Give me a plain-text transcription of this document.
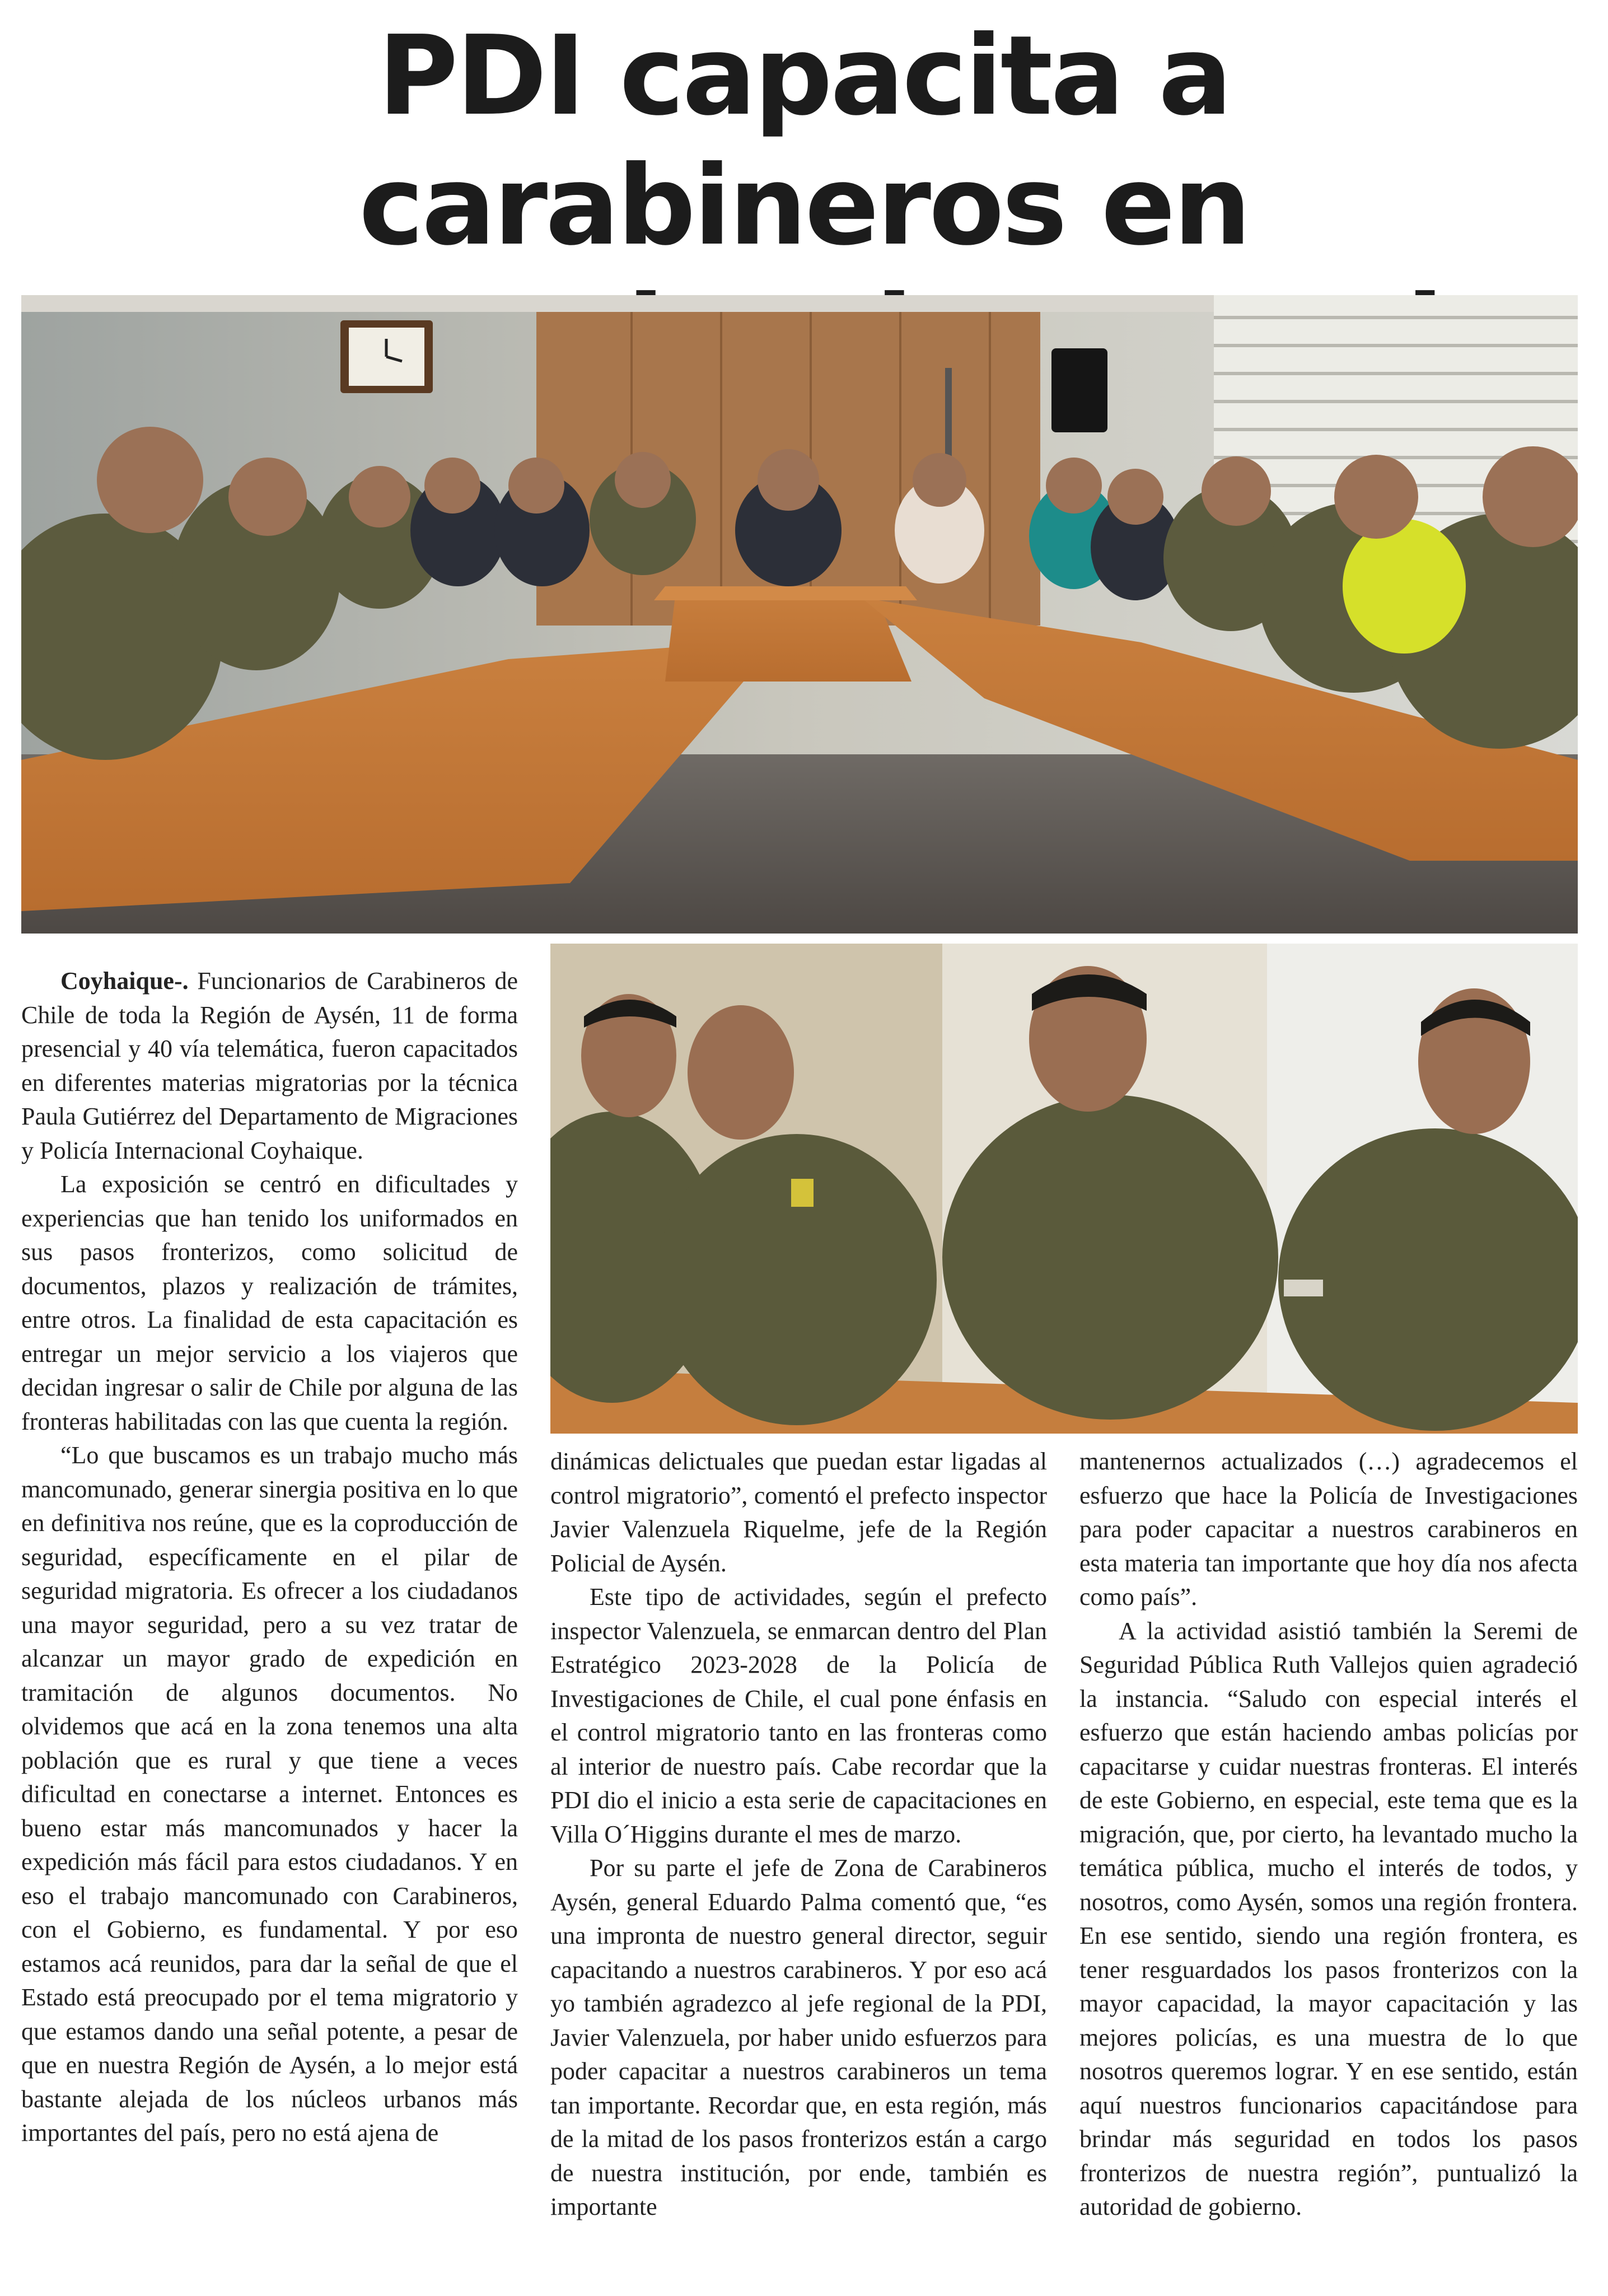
PDI capacita a carabineros en

Coyhaique-. Funcionarios de Carabineros de Chile de toda la Región de Aysén, 11 de forma presencial y 40 vía telemática, fueron capacitados en diferentes materias migratorias por la técnica Paula Gutiérrez del Departamento de Migraciones y Policía Internacional Coyhaique.

La exposición se centró en dificultades y experiencias que han tenido los uniformados en sus pasos fronterizos, como solicitud de documentos, plazos y realización de trámites, entre otros. La finalidad de esta capacitación es entregar un mejor servicio a los viajeros que decidan ingresar o salir de Chile por alguna de las fronteras habilitadas con las que cuenta la región.

“Lo que buscamos es un trabajo mucho más mancomunado, generar sinergia positiva en lo que en definitiva nos reúne, que es la coproducción de seguridad, específicamente en el pilar de seguridad migratoria. Es ofrecer a los ciudadanos una mayor seguridad, pero a su vez tratar de alcanzar un mayor grado de expedición en tramitación de algunos documentos. No olvidemos que acá en la zona tenemos una alta población que es rural y que tiene a veces dificultad en conectarse a internet. Entonces es bueno estar más mancomunados y hacer la expedición más fácil para estos ciudadanos. Y en eso el trabajo mancomunado con Carabineros, con el Gobierno, es fundamental. Y por eso estamos acá reunidos, para dar la señal de que el Estado está preocupado por el tema migratorio y que estamos dando una señal potente, a pesar de que en nuestra Región de Aysén, a lo mejor está bastante alejada de los núcleos urbanos más importantes del país, pero no está ajena de

dinámicas delictuales que puedan estar ligadas al control migratorio”, comentó el prefecto inspector Javier Valenzuela Riquelme, jefe de la Región Policial de Aysén.

Este tipo de actividades, según el prefecto inspector Valenzuela, se enmarcan dentro del Plan Estratégico 2023-2028 de la Policía de Investigaciones de Chile, el cual pone énfasis en el control migratorio tanto en las fronteras como al interior de nuestro país. Cabe recordar que la PDI dio el inicio a esta serie de capacitaciones en Villa O´Higgins durante el mes de marzo.

Por su parte el jefe de Zona de Carabineros Aysén, general Eduardo Palma comentó que, “es una impronta de nuestro general director, seguir capacitando a nuestros carabineros. Y por eso acá yo también agradezco al jefe regional de la PDI, Javier Valenzuela, por haber unido esfuerzos para poder capacitar a nuestros carabineros un tema tan importante. Recordar que, en esta región, más de la mitad de los pasos fronterizos están a cargo de nuestra institución, por ende, también es importante

mantenernos actualizados (…) agradecemos el esfuerzo que hace la Policía de Investigaciones para poder capacitar a nuestros carabineros en esta materia tan importante que hoy día nos afecta como país”.

A la actividad asistió también la Seremi de Seguridad Pública Ruth Vallejos quien agradeció la instancia. “Saludo con especial interés el esfuerzo que están haciendo ambas policías por capacitarse y cuidar nuestras fronteras. El interés de este Gobierno, en especial, este tema que es la migración, que, por cierto, ha levantado mucho la temática pública, mucho el interés de todos, y nosotros, como Aysén, somos una región frontera. En ese sentido, siendo una región frontera, es tener resguardados los pasos fronterizos con la mayor capacidad, la mayor capacitación y las mejores policías, es una muestra de lo que nosotros queremos lograr. Y en ese sentido, están aquí nuestros funcionarios capacitándose para brindar más seguridad en todos los pasos fronterizos de nuestra región”, puntualizó la autoridad de gobierno.
